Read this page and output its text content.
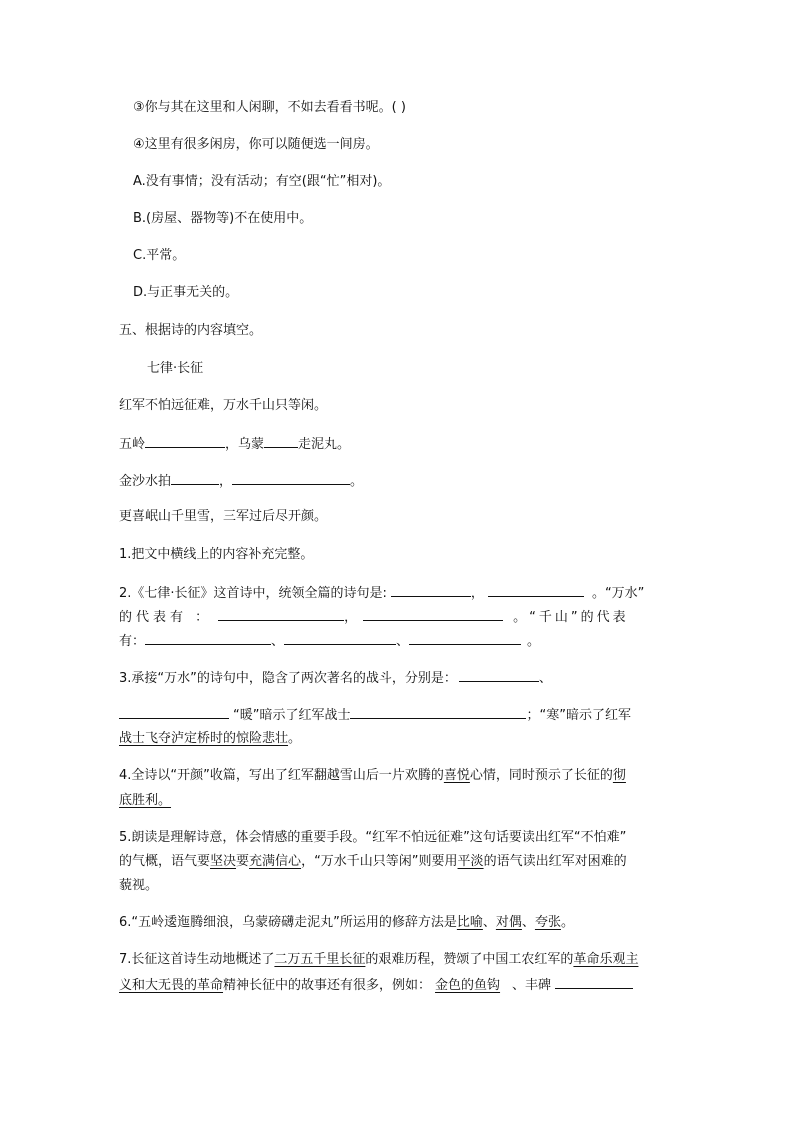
③你与其在这里和人闲聊，不如去看看书呢。( )
④这里有很多闲房，你可以随便选一间房。
A.没有事情；没有活动；有空(跟“忙”相对)。
B.(房屋、器物等)不在使用中。
C.平常。
D.与正事无关的。
五、根据诗的内容填空。
七律·长征
红军不怕远征难，万水千山只等闲。
五岭	，乌蒙	走泥丸。
金沙水拍	，	。
更喜岷山千里雪，三军过后尽开颜。
1.把文中横线上的内容补充完整。
2.《七律·长征》这首诗中，统领全篇的诗句是:	，	。“万水”
的代表有 ：	，	。“千山”的代表
有：	、	、	。
3.承接“万水”的诗句中，隐含了两次著名的战斗，分别是：	、
“暖”暗示了红军战士	；“寒”暗示了红军
战士飞夺泸定桥时的惊险悲壮。
4.全诗以“开颜”收篇，写出了红军翻越雪山后一片欢腾的喜悦心情，同时预示了长征的彻
底胜利。
5.朗读是理解诗意，体会情感的重要手段。“红军不怕远征难”这句话要读出红军“不怕难”
的气概，语气要坚决要充满信心，“万水千山只等闲”则要用平淡的语气读出红军对困难的
藐视。
6.“五岭逶迤腾细浪，乌蒙磅礴走泥丸”所运用的修辞方法是比喻、对偶、夸张。
7.长征这首诗生动地概述了二万五千里长征的艰难历程，赞颂了中国工农红军的革命乐观主
义和大无畏的革命精神长征中的故事还有很多，例如： 金色的鱼钩 、丰碑
